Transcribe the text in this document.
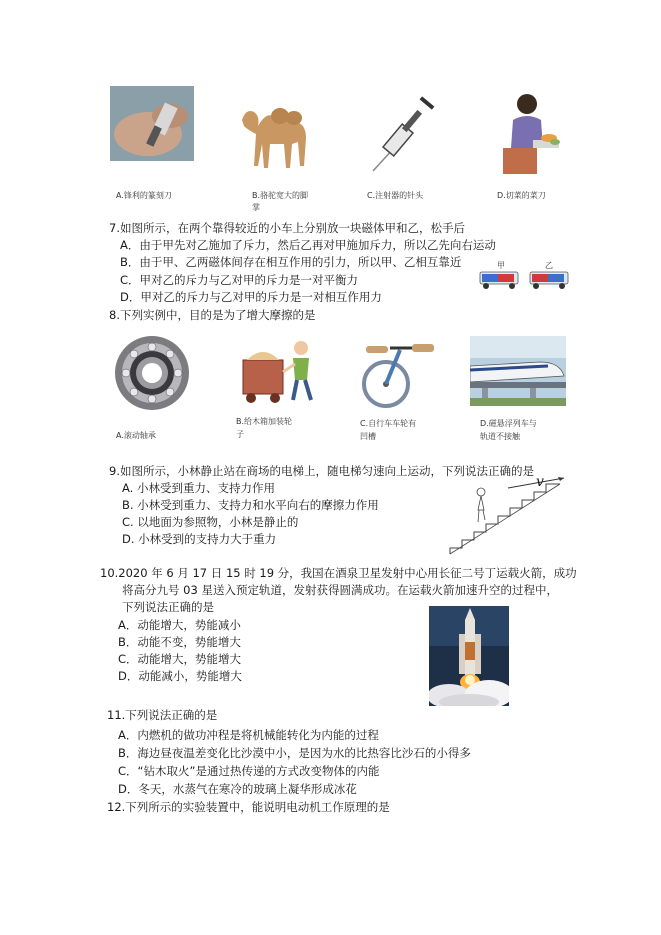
A.锋利的篆刻刀	B.骆驼宽大的脚
掌
C.注射器的针头	D.切菜的菜刀
7.如图所示，在两个靠得较近的小车上分别放一块磁体甲和乙，松手后
A．由于甲先对乙施加了斥力，然后乙再对甲施加斥力，所以乙先向右运动
B．由于甲、乙两磁体间存在相互作用的引力，所以甲、乙相互靠近
C．甲对乙的斥力与乙对甲的斥力是一对平衡力
D．甲对乙的斥力与乙对甲的斥力是一对相互作用力
甲	乙
8.下列实例中，目的是为了增大摩擦的是
A.滚动轴承
B.给木箱加装轮
子
C.自行车车轮有
凹槽
D.磁悬浮列车与
轨道不接触
9.如图所示，小林静止站在商场的电梯上，随电梯匀速向上运动，下列说法正确的是
A. 小林受到重力、支持力作用
B. 小林受到重力、支持力和水平向右的摩擦力作用
C. 以地面为参照物，小林是静止的
D. 小林受到的支持力大于重力
v
10.2020 年 6 月 17 日 15 时 19 分，我国在酒泉卫星发射中心用长征二号丁运载火箭，成功
将高分九号 03 星送入预定轨道，发射获得圆满成功。在运载火箭加速升空的过程中，
下列说法正确的是
A．动能增大，势能减小
B．动能不变，势能增大
C．动能增大，势能增大
D．动能减小，势能增大
11.下列说法正确的是
A．内燃机的做功冲程是将机械能转化为内能的过程
B．海边昼夜温差变化比沙漠中小，是因为水的比热容比沙石的小得多
C．“钻木取火”是通过热传递的方式改变物体的内能
D．冬天，水蒸气在寒冷的玻璃上凝华形成冰花
12.下列所示的实验装置中，能说明电动机工作原理的是
